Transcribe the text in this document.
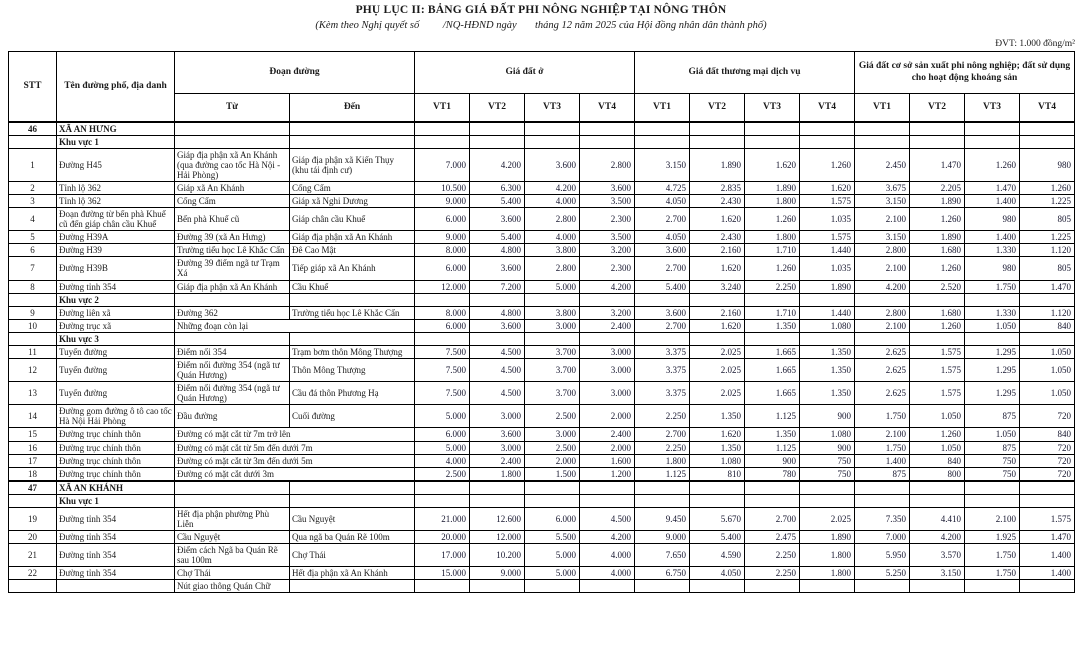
PHỤ LỤC II: BẢNG GIÁ ĐẤT PHI NÔNG NGHIỆP TẠI NÔNG THÔN
(Kèm theo Nghị quyết số         /NQ-HĐND ngày       tháng 12 năm 2025 của Hội đồng nhân dân thành phố)
ĐVT: 1.000 đồng/m²
STT	Tên đường phố, địa danh	Đoạn đường		Giá đất ở				Giá đất thương mại dịch vụ				Giá đất cơ sở sản xuất phi nông nghiệp; đất sử dụng cho hoạt động khoáng sản			
		Từ	Đến	VT1	VT2	VT3	VT4	VT1	VT2	VT3	VT4	VT1	VT2	VT3	VT4
46	XÃ AN HƯNG														
	Khu vực 1														
1	Đường H45	Giáp địa phận xã An Khánh (qua đường cao tốc Hà Nội - Hải Phòng)	Giáp địa phận xã Kiến Thụy (khu tái định cư)	7.000	4.200	3.600	2.800	3.150	1.890	1.620	1.260	2.450	1.470	1.260	980
2	Tỉnh lộ 362	Giáp xã An Khánh	Cống Cẩm	10.500	6.300	4.200	3.600	4.725	2.835	1.890	1.620	3.675	2.205	1.470	1.260
3	Tỉnh lộ 362	Cống Cẩm	Giáp xã Nghi Dương	9.000	5.400	4.000	3.500	4.050	2.430	1.800	1.575	3.150	1.890	1.400	1.225
4	Đoạn đường từ bến phà Khuể cũ đến giáp chân cầu Khuể	Bến phà Khuể cũ	Giáp chân cầu Khuể	6.000	3.600	2.800	2.300	2.700	1.620	1.260	1.035	2.100	1.260	980	805
5	Đường H39A	Đường 39 (xã An Hưng)	Giáp địa phận xã An Khánh	9.000	5.400	4.000	3.500	4.050	2.430	1.800	1.575	3.150	1.890	1.400	1.225
6	Đường H39	Trường tiểu học Lê Khắc Cẩn	Đê Cao Mật	8.000	4.800	3.800	3.200	3.600	2.160	1.710	1.440	2.800	1.680	1.330	1.120
7	Đường H39B	Đường 39 điểm ngã tư Trạm Xá	Tiếp giáp xã An Khánh	6.000	3.600	2.800	2.300	2.700	1.620	1.260	1.035	2.100	1.260	980	805
8	Đường tỉnh 354	Giáp địa phận xã An Khánh	Cầu Khuể	12.000	7.200	5.000	4.200	5.400	3.240	2.250	1.890	4.200	2.520	1.750	1.470
	Khu vực 2														
9	Đường liên xã	Đường 362	Trường tiểu học Lê Khắc Cẩn	8.000	4.800	3.800	3.200	3.600	2.160	1.710	1.440	2.800	1.680	1.330	1.120
10	Đường trục xã	Những đoạn còn lại		6.000	3.600	3.000	2.400	2.700	1.620	1.350	1.080	2.100	1.260	1.050	840
	Khu vực 3														
11	Tuyến đường	Điểm nối 354	Trạm bơm thôn Mông Thượng	7.500	4.500	3.700	3.000	3.375	2.025	1.665	1.350	2.625	1.575	1.295	1.050
12	Tuyến đường	Điểm nối đường 354 (ngã tư Quán Hương)	Thôn Mông Thượng	7.500	4.500	3.700	3.000	3.375	2.025	1.665	1.350	2.625	1.575	1.295	1.050
13	Tuyến đường	Điểm nối đường 354 (ngã tư Quán Hương)	Cầu đá thôn Phương Hạ	7.500	4.500	3.700	3.000	3.375	2.025	1.665	1.350	2.625	1.575	1.295	1.050
14	Đường gom đường ô tô cao tốc Hà Nội Hải Phòng	Đầu đường	Cuối đường	5.000	3.000	2.500	2.000	2.250	1.350	1.125	900	1.750	1.050	875	720
15	Đường trục chính thôn	Đường có mặt cắt từ 7m trở lên		6.000	3.600	3.000	2.400	2.700	1.620	1.350	1.080	2.100	1.260	1.050	840
16	Đường trục chính thôn	Đường có mặt cắt từ 5m đến dưới 7m		5.000	3.000	2.500	2.000	2.250	1.350	1.125	900	1.750	1.050	875	720
17	Đường trục chính thôn	Đường có mặt cắt từ 3m đến dưới 5m		4.000	2.400	2.000	1.600	1.800	1.080	900	750	1.400	840	750	720
18	Đường trục chính thôn	Đường có mặt cắt dưới 3m		2.500	1.800	1.500	1.200	1.125	810	780	750	875	800	750	720
47	XÃ AN KHÁNH														
	Khu vực 1														
19	Đường tỉnh 354	Hết địa phận phường Phù Liễn	Cầu Nguyệt	21.000	12.600	6.000	4.500	9.450	5.670	2.700	2.025	7.350	4.410	2.100	1.575
20	Đường tỉnh 354	Cầu Nguyệt	Qua ngã ba Quán Rẽ 100m	20.000	12.000	5.500	4.200	9.000	5.400	2.475	1.890	7.000	4.200	1.925	1.470
21	Đường tỉnh 354	Điểm cách Ngã ba Quán Rẽ sau 100m	Chợ Thái	17.000	10.200	5.000	4.000	7.650	4.590	2.250	1.800	5.950	3.570	1.750	1.400
22	Đường tỉnh 354	Chợ Thái	Hết địa phận xã An Khánh	15.000	9.000	5.000	4.000	6.750	4.050	2.250	1.800	5.250	3.150	1.750	1.400
		Nút giao thông Quán Chữ													
